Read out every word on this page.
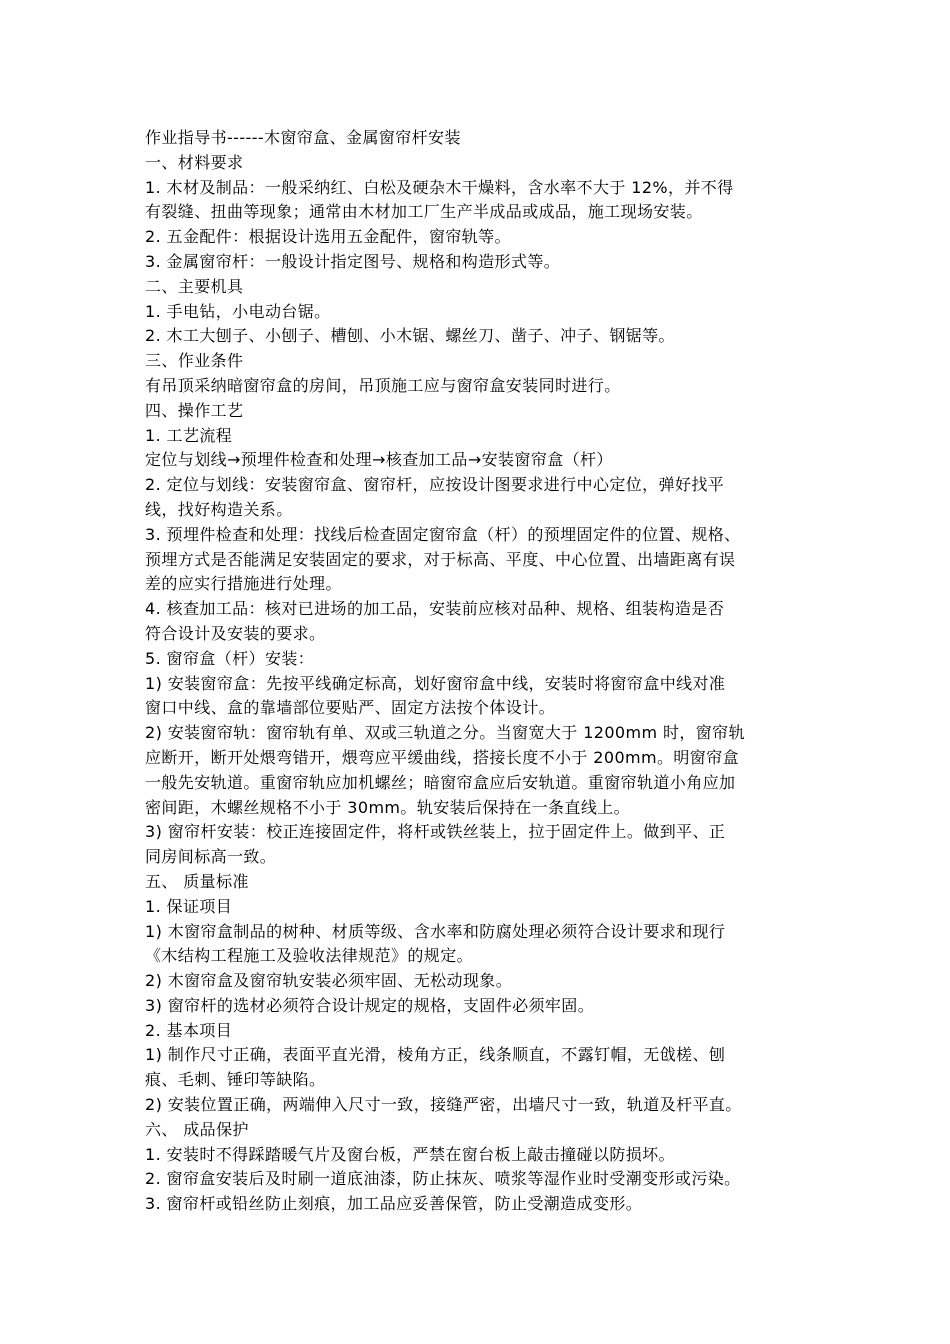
作业指导书------木窗帘盒、金属窗帘杆安装
一、材料要求
1. 木材及制品：一般采纳红、白松及硬杂木干燥料，含水率不大于 12%，并不得
有裂缝、扭曲等现象；通常由木材加工厂生产半成品或成品，施工现场安装。
2. 五金配件：根据设计选用五金配件，窗帘轨等。
3. 金属窗帘杆：一般设计指定图号、规格和构造形式等。
二、主要机具
1. 手电钻，小电动台锯。
2. 木工大刨子、小刨子、槽刨、小木锯、螺丝刀、凿子、冲子、钢锯等。
三、作业条件
有吊顶采纳暗窗帘盒的房间，吊顶施工应与窗帘盒安装同时进行。
四、操作工艺
1. 工艺流程
定位与划线→预埋件检查和处理→核查加工品→安装窗帘盒（杆）
2. 定位与划线：安装窗帘盒、窗帘杆，应按设计图要求进行中心定位，弹好找平
线，找好构造关系。
3. 预埋件检查和处理：找线后检查固定窗帘盒（杆）的预埋固定件的位置、规格、
预埋方式是否能满足安装固定的要求，对于标高、平度、中心位置、出墙距离有误
差的应实行措施进行处理。
4. 核查加工品：核对已进场的加工品，安装前应核对品种、规格、组装构造是否
符合设计及安装的要求。
5. 窗帘盒（杆）安装：
1) 安装窗帘盒：先按平线确定标高，划好窗帘盒中线，安装时将窗帘盒中线对准
窗口中线、盒的靠墙部位要贴严、固定方法按个体设计。
2) 安装窗帘轨：窗帘轨有单、双或三轨道之分。当窗宽大于 1200mm 时，窗帘轨
应断开，断开处煨弯错开，煨弯应平缓曲线，搭接长度不小于 200mm。明窗帘盒
一般先安轨道。重窗帘轨应加机螺丝；暗窗帘盒应后安轨道。重窗帘轨道小角应加
密间距，木螺丝规格不小于 30mm。轨安装后保持在一条直线上。
3) 窗帘杆安装：校正连接固定件，将杆或铁丝装上，拉于固定件上。做到平、正
同房间标高一致。
五、 质量标准
1. 保证项目
1) 木窗帘盒制品的树种、材质等级、含水率和防腐处理必须符合设计要求和现行
《木结构工程施工及验收法律规范》的规定。
2) 木窗帘盒及窗帘轨安装必须牢固、无松动现象。
3) 窗帘杆的选材必须符合设计规定的规格，支固件必须牢固。
2. 基本项目
1) 制作尺寸正确，表面平直光滑，棱角方正，线条顺直，不露钉帽，无戗槎、刨
痕、毛刺、锤印等缺陷。
2) 安装位置正确，两端伸入尺寸一致，接缝严密，出墙尺寸一致，轨道及杆平直。
六、 成品保护
1. 安装时不得踩踏暖气片及窗台板，严禁在窗台板上敲击撞碰以防损坏。
2. 窗帘盒安装后及时刷一道底油漆，防止抹灰、喷浆等湿作业时受潮变形或污染。
3. 窗帘杆或铅丝防止刻痕，加工品应妥善保管，防止受潮造成变形。
